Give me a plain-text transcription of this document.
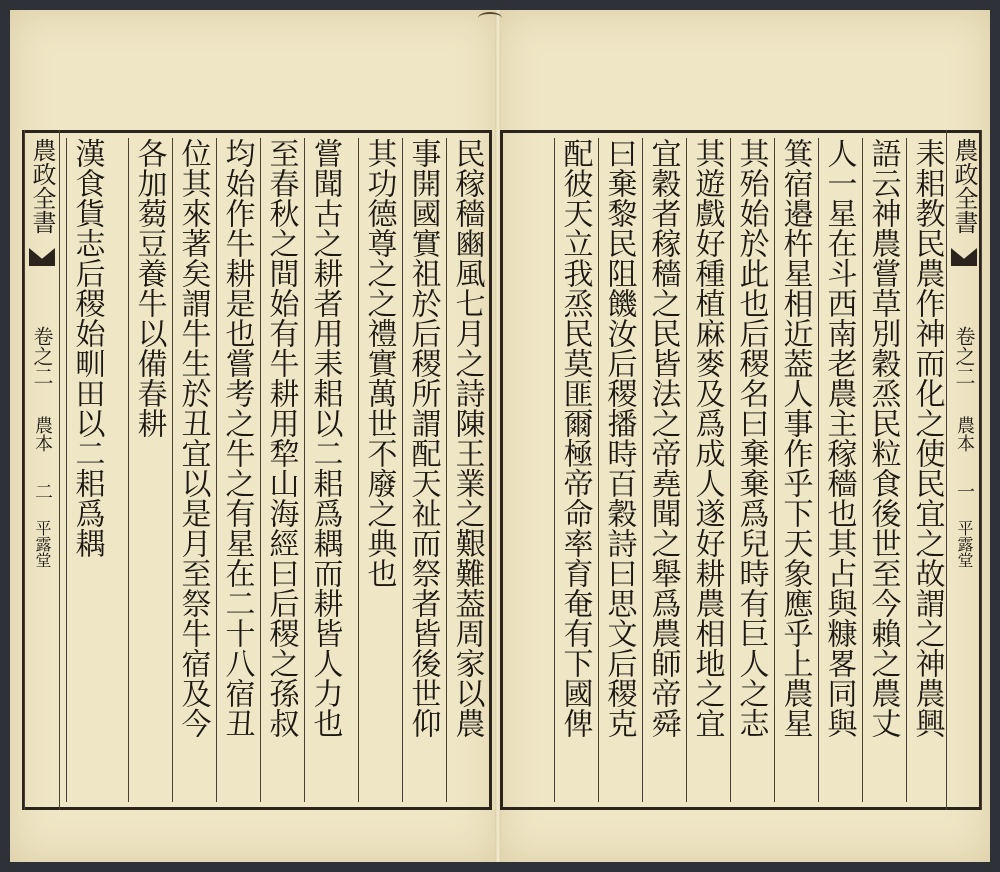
農政全書
卷之二
農本
一
平露堂
耒耜教民農作神而化之使民宜之故謂之神農興
語云神農嘗草別穀烝民粒食後世至今賴之農丈
人一星在斗西南老農主稼穡也其占與糠畧同與
箕宿邉杵星相近葢人事作乎下天象應乎上農星
其殆始於此也后稷名曰棄棄爲兒時有巨人之志
其遊戲好種植麻麥及爲成人遂好耕農相地之宜
宜穀者稼穡之民皆法之帝堯聞之舉爲農師帝舜
曰棄黎民阻饑汝后稷播時百穀詩曰思文后稷克
配彼天立我烝民莫匪爾極帝命率育奄有下國俾
民稼穡豳風七月之詩陳王業之艱難葢周家以農
事開國實祖於后稷所謂配天祉而祭者皆後世仰
其功德尊之之禮實萬世不廢之典也
嘗聞古之耕者用耒耜以二耜爲耦而耕皆人力也
至春秋之間始有牛耕用犂山海經曰后稷之孫叔
均始作牛耕是也嘗考之牛之有星在二十八宿丑
位其來著矣謂牛生於丑宜以是月至祭牛宿及今
各加蒭豆養牛以備春耕
漢食貨志后稷始甽田以二耜爲耦
農政全書
卷之二
農本
二
平露堂
